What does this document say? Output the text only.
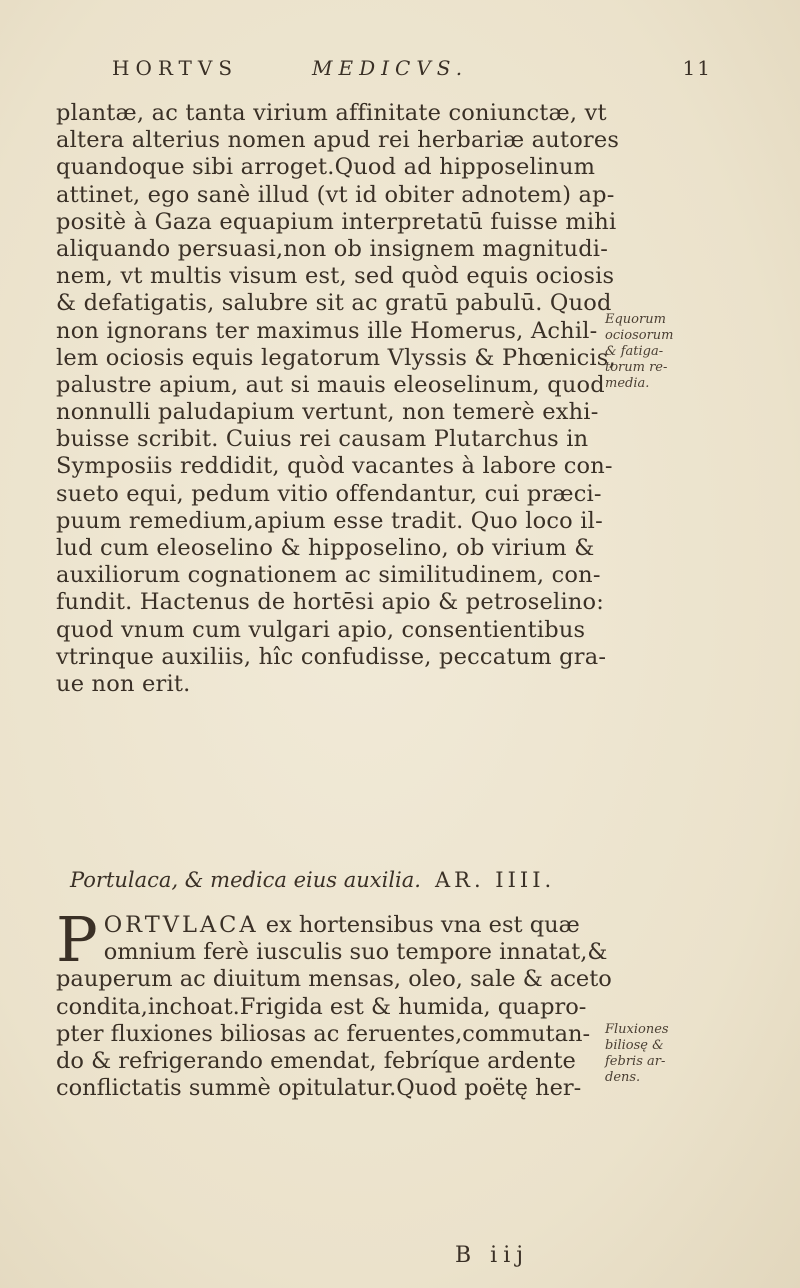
HORTVS	MEDICVS.	11
plantæ, ac tanta virium affinitate coniunctæ, vt
altera alterius nomen apud rei herbariæ autores
quandoque sibi arroget.Quod ad hipposelinum
attinet, ego sanè illud (vt id obiter adnotem) ap-
positè à Gaza equapium interpretatū fuisse mihi
aliquando persuasi,non ob insignem magnitudi-
nem, vt multis visum est, sed quòd equis ociosis
& defatigatis, salubre sit ac gratū pabulū. Quod
non ignorans ter maximus ille Homerus, Achil-
lem ociosis equis legatorum Vlyssis & Phœnicis,
palustre apium, aut si mauis eleoselinum, quod
nonnulli paludapium vertunt, non temerè exhi-
buisse scribit. Cuius rei causam Plutarchus in
Symposiis reddidit, quòd vacantes à labore con-
sueto equi, pedum vitio offendantur, cui præci-
puum remedium,apium esse tradit. Quo loco il-
lud cum eleoselino & hipposelino, ob virium &
auxiliorum cognationem ac similitudinem, con-
fundit. Hactenus de hortēsi apio & petroselino:
quod vnum cum vulgari apio, consentientibus
vtrinque auxiliis, hîc confudisse, peccatum gra-
ue non erit.
Equorum
ociosorum
& fatiga-
torum re-
media.
Portulaca, & medica eius auxilia. AR. IIII.
P ORTVLACA ex hortensibus vna est quæ
omnium ferè iusculis suo tempore innatat,&
pauperum ac diuitum mensas, oleo, sale & aceto
condita,inchoat.Frigida est & humida, quapro-
pter fluxiones biliosas ac feruentes,commutan-
do & refrigerando emendat, febríque ardente
conflictatis summè opitulatur.Quod poëtę her-
Fluxiones
biliosę &
febris ar-
dens.
B iij
